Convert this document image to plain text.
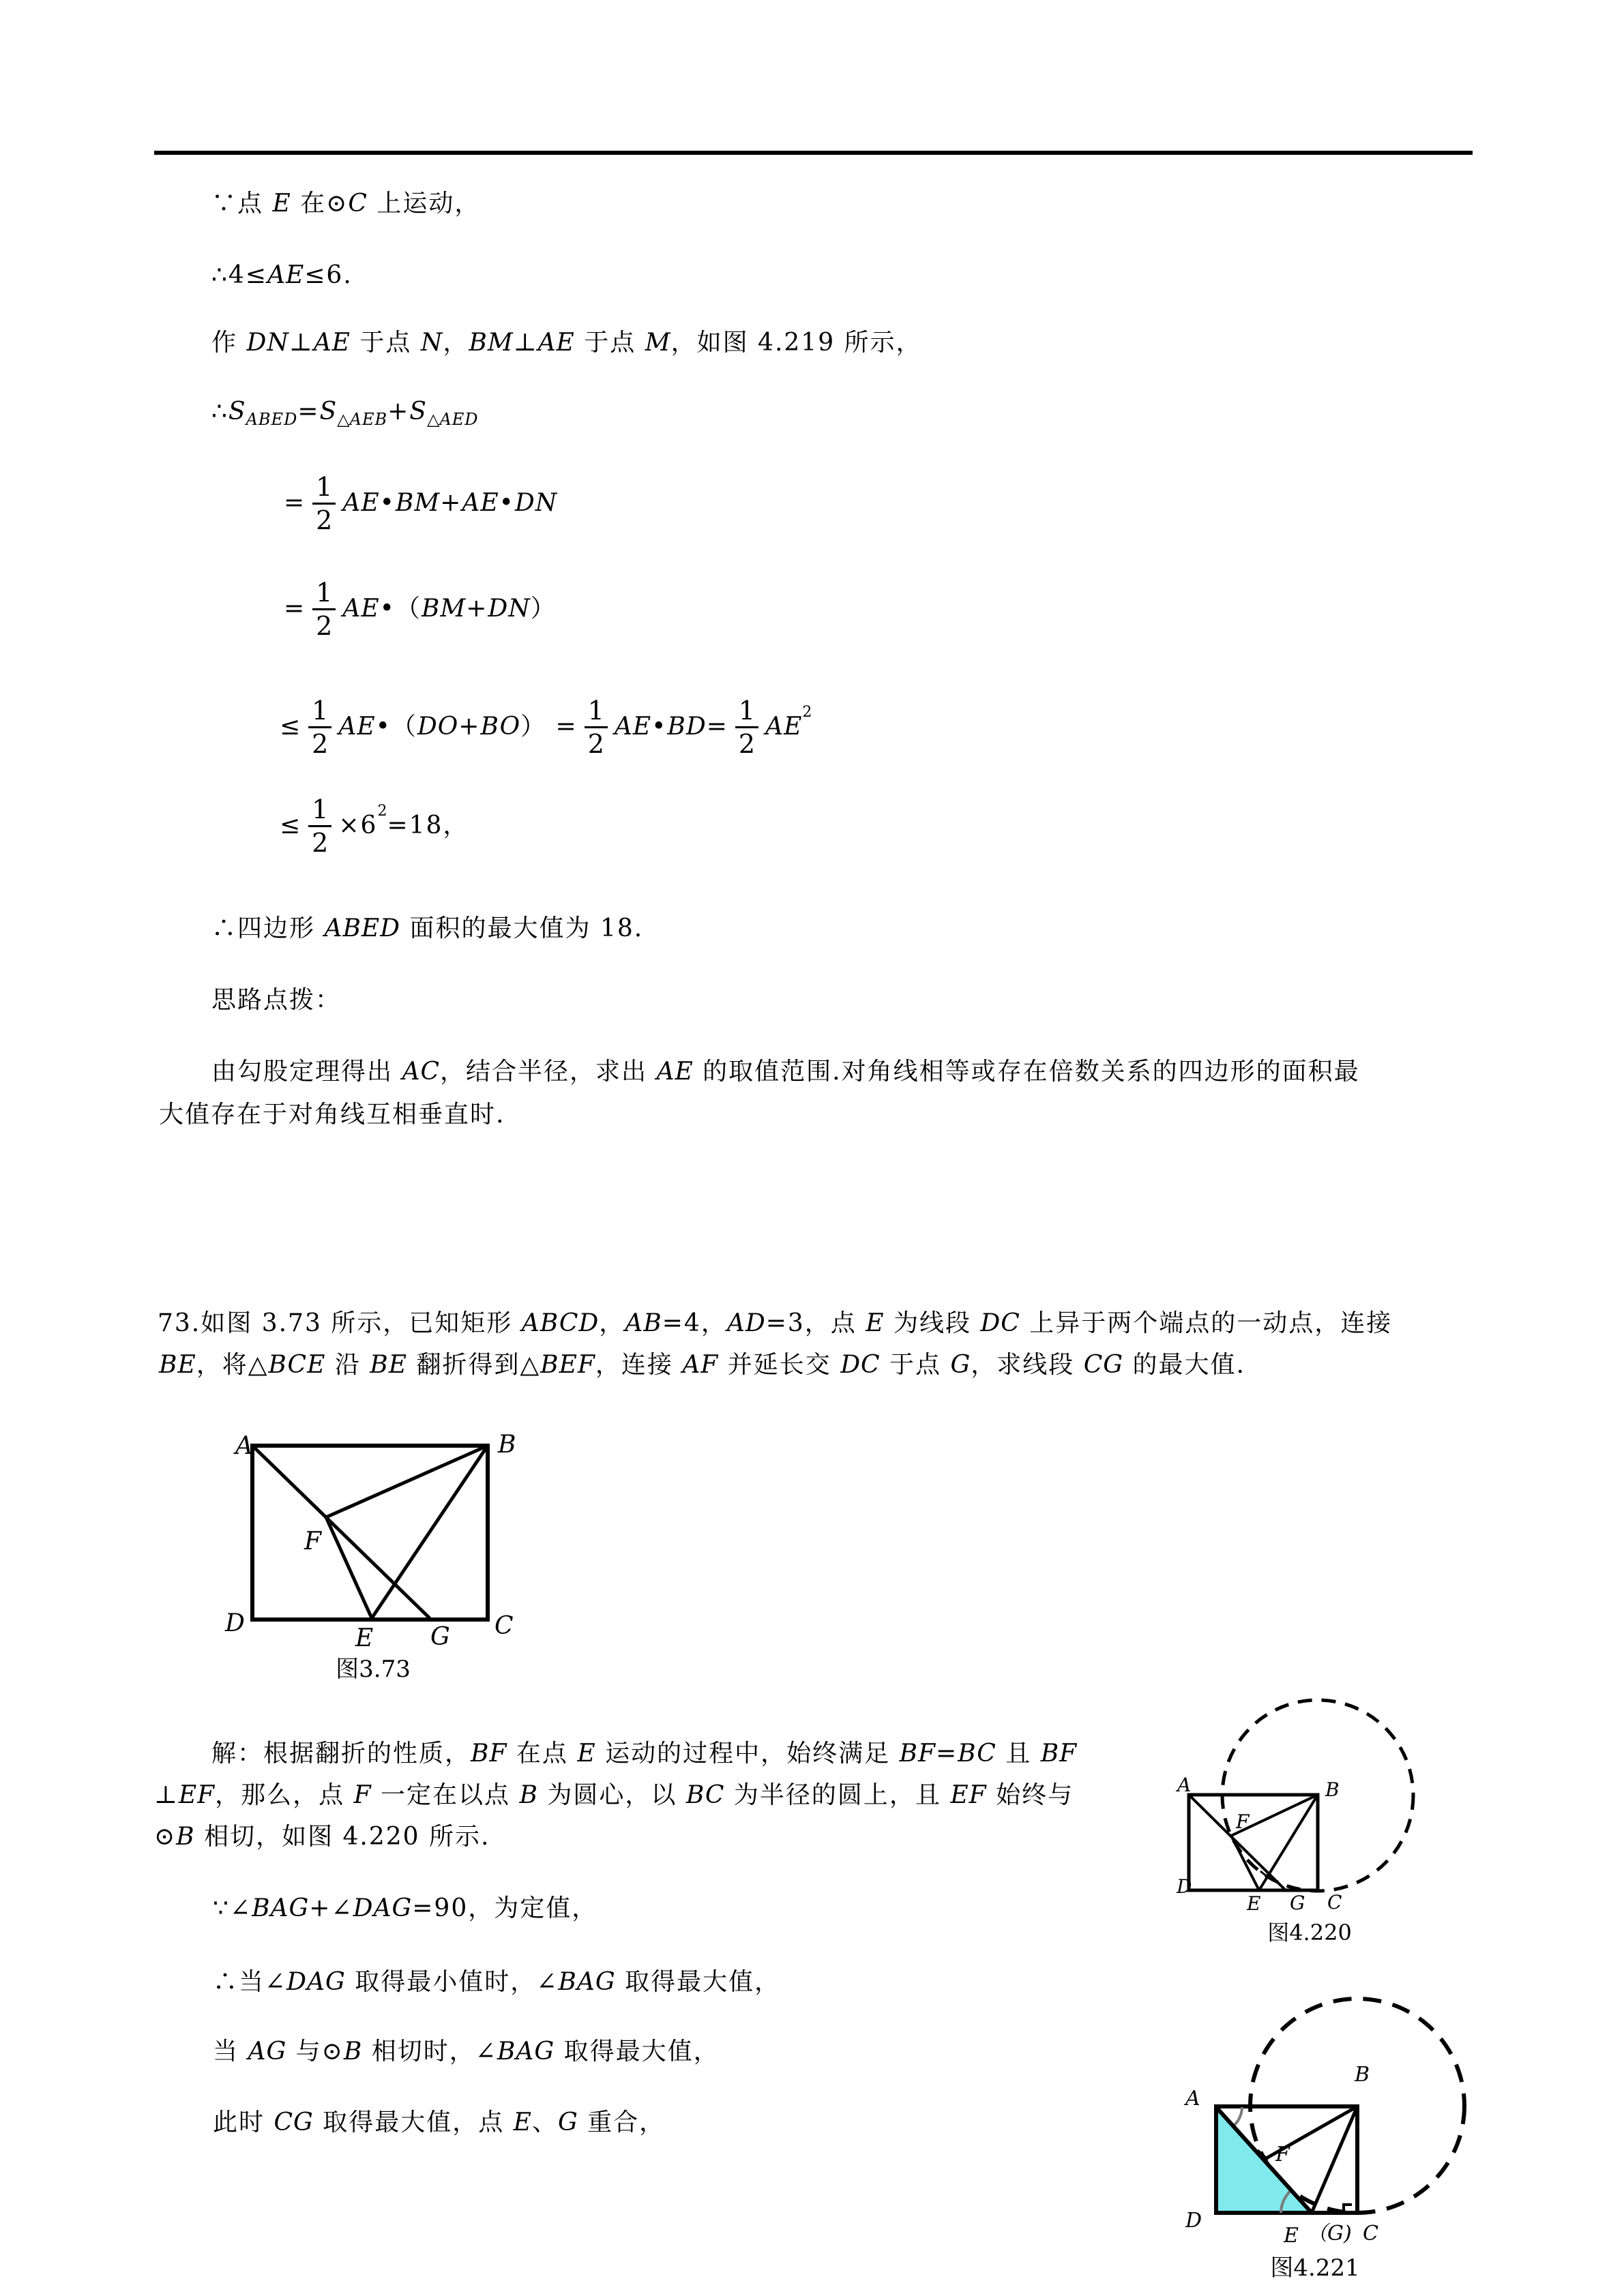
∵点 E 在⊙C 上运动，
∴4≤AE≤6.
作 DN⊥AE 于点 N，BM⊥AE 于点 M，如图 4.219 所示，
$\therefore S_{ABED}=S_{\triangle AEB}+S_{\triangle AED}$
= $\frac{1}{2}$ AE•BM+AE•DN
= $\frac{1}{2}$ AE•（BM+DN）
≤ $\frac{1}{2}$ AE•（DO+BO） = $\frac{1}{2}$ AE•BD= $\frac{1}{2}$ AE
$^2$
≤ $\frac{1}{2} \times 6$
$^2$
=18，
∴四边形 ABED 面积的最大值为 18.
思路点拨：
由勾股定理得出 AC，结合半径，求出 AE 的取值范围.对角线相等或存在倍数关系的四边形的面积最
大值存在于对角线互相垂直时.
73.如图 3.73 所示，已知矩形 ABCD，AB=4，AD=3，点 E 为线段 DC 上异于两个端点的一动点，连接
BE，将△BCE 沿 BE 翻折得到△BEF，连接 AF 并延长交 DC 于点 G，求线段 CG 的最大值.
解：根据翻折的性质，BF 在点 E 运动的过程中，始终满足 BF=BC 且 BF
⊥EF，那么，点 F 一定在以点 B 为圆心，以 BC 为半径的圆上，且 EF 始终与
⊙B 相切，如图 4.220 所示.
∵∠BAG+∠DAG=90，为定值，
∴当∠DAG 取得最小值时，∠BAG 取得最大值，
当 AG 与⊙B 相切时，∠BAG 取得最大值，
此时 CG 取得最大值，点 E、G 重合，
A	B
D	C
F
E G
图3.73
A	B
D
C
F
E G
图4.220
A
B
D
C
F
E （G)
图4.221
